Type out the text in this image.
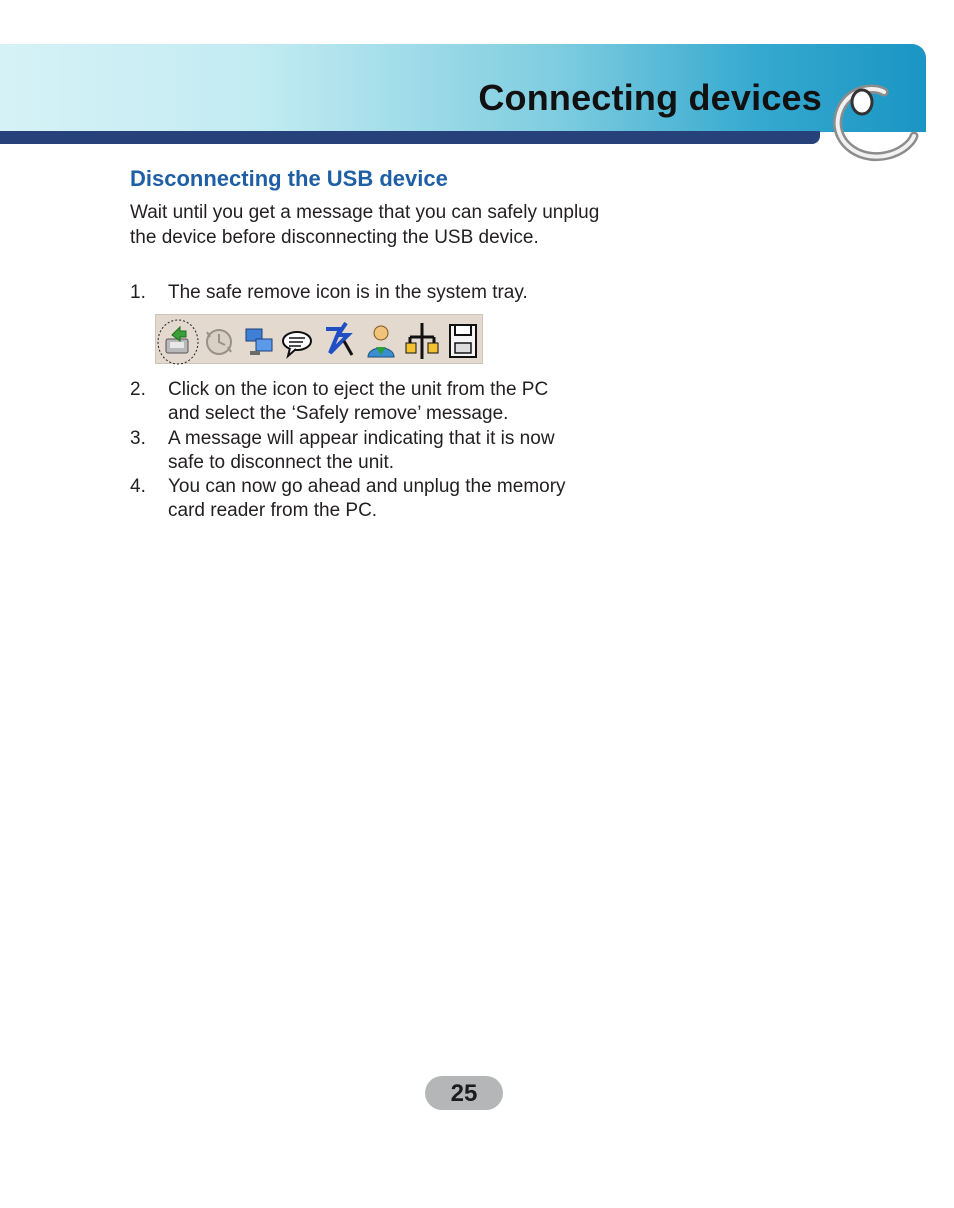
Connecting devices
Disconnecting the USB device

Wait until you get a message that you can safely unplug the device before disconnecting the USB device.

1.	The safe remove icon is in the system tray.
2.	Click on the icon to eject the unit from the PC and select the ‘Safely remove’ message.
3.	A message will appear indicating that it is now safe to disconnect the unit.
4.	You can now go ahead and unplug the memory card reader from the PC.
25
